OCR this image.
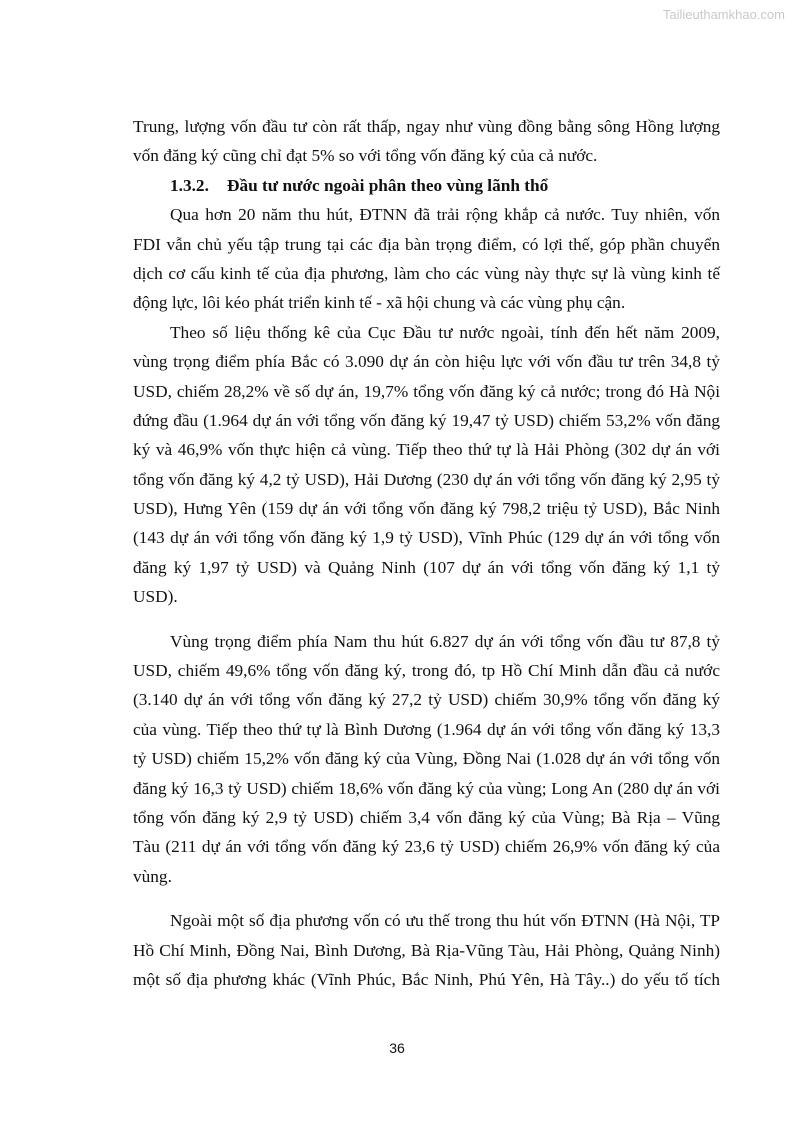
Tailieuthamkhao.com
Trung, lượng vốn đầu tư còn rất thấp, ngay như vùng đồng bằng sông Hồng lượng
vốn đăng ký cũng chỉ đạt 5% so với tổng vốn đăng ký của cả nước.
1.3.2. Đầu tư nước ngoài phân theo vùng lãnh thổ
Qua hơn 20 năm thu hút, ĐTNN đã trải rộng khắp cả nước. Tuy nhiên, vốn
FDI vẫn chủ yếu tập trung tại các địa bàn trọng điểm, có lợi thế, góp phần chuyển
dịch cơ cấu kinh tế của địa phương, làm cho các vùng này thực sự là vùng kinh tế
động lực, lôi kéo phát triển kinh tế - xã hội chung và các vùng phụ cận.
Theo số liệu thống kê của Cục Đầu tư nước ngoài, tính đến hết năm 2009,
vùng trọng điểm phía Bắc có 3.090 dự án còn hiệu lực với vốn đầu tư trên 34,8 tỷ
USD, chiếm 28,2% về số dự án, 19,7% tổng vốn đăng ký cả nước; trong đó Hà Nội
đứng đầu (1.964 dự án với tổng vốn đăng ký 19,47 tỷ USD) chiếm 53,2% vốn đăng
ký và 46,9% vốn thực hiện cả vùng. Tiếp theo thứ tự là Hải Phòng (302 dự án với
tổng vốn đăng ký 4,2 tỷ USD), Hải Dương (230 dự án với tổng vốn đăng ký 2,95 tỷ
USD), Hưng Yên (159 dự án với tổng vốn đăng ký 798,2 triệu tỷ USD), Bắc Ninh
(143 dự án với tổng vốn đăng ký 1,9 tỷ USD), Vĩnh Phúc (129 dự án với tổng vốn
đăng ký 1,97 tỷ USD) và Quảng Ninh (107 dự án với tổng vốn đăng ký 1,1 tỷ
USD).
Vùng trọng điểm phía Nam thu hút 6.827 dự án với tổng vốn đầu tư 87,8 tỷ
USD, chiếm 49,6% tổng vốn đăng ký, trong đó, tp Hồ Chí Minh dẫn đầu cả nước
(3.140 dự án với tổng vốn đăng ký 27,2 tỷ USD) chiếm 30,9% tổng vốn đăng ký
của vùng. Tiếp theo thứ tự là Bình Dương (1.964 dự án với tổng vốn đăng ký 13,3
tỷ USD) chiếm 15,2% vốn đăng ký của Vùng, Đồng Nai (1.028 dự án với tổng vốn
đăng ký 16,3 tỷ USD) chiếm 18,6% vốn đăng ký của vùng; Long An (280 dự án với
tổng vốn đăng ký 2,9 tỷ USD) chiếm 3,4 vốn đăng ký của Vùng; Bà Rịa – Vũng
Tàu (211 dự án với tổng vốn đăng ký 23,6 tỷ USD) chiếm 26,9% vốn đăng ký của
vùng.
Ngoài một số địa phương vốn có ưu thế trong thu hút vốn ĐTNN (Hà Nội, TP
Hồ Chí Minh, Đồng Nai, Bình Dương, Bà Rịa-Vũng Tàu, Hải Phòng, Quảng Ninh)
một số địa phương khác (Vĩnh Phúc, Bắc Ninh, Phú Yên, Hà Tây..) do yếu tố tích
36
